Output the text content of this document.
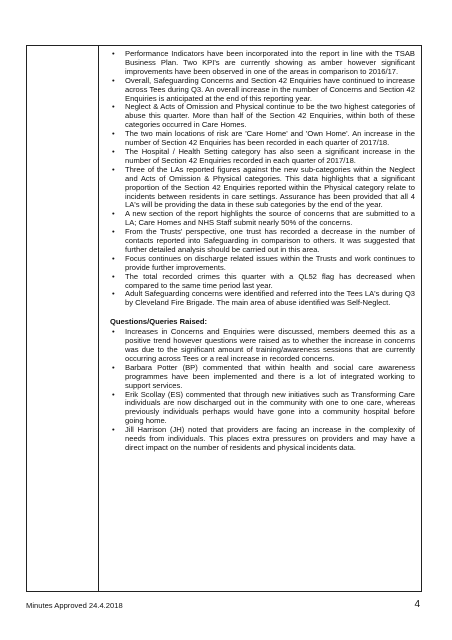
• Performance Indicators have been incorporated into the report in line with the TSAB Business Plan. Two KPI's are currently showing as amber however significant improvements have been observed in one of the areas in comparison to 2016/17.
• Overall, Safeguarding Concerns and Section 42 Enquiries have continued to increase across Tees during Q3. An overall increase in the number of Concerns and Section 42 Enquiries is anticipated at the end of this reporting year.
• Neglect & Acts of Omission and Physical continue to be the two highest categories of abuse this quarter. More than half of the Section 42 Enquiries, within both of these categories occurred in Care Homes.
• The two main locations of risk are 'Care Home' and 'Own Home'. An increase in the number of Section 42 Enquiries has been recorded in each quarter of 2017/18.
• The Hospital / Health Setting category has also seen a significant increase in the number of Section 42 Enquiries recorded in each quarter of 2017/18.
• Three of the LAs reported figures against the new sub-categories within the Neglect and Acts of Omission & Physical categories. This data highlights that a significant proportion of the Section 42 Enquiries reported within the Physical category relate to incidents between residents in care settings. Assurance has been provided that all 4 LA's will be providing the data in these sub categories by the end of the year.
• A new section of the report highlights the source of concerns that are submitted to a LA; Care Homes and NHS Staff submit nearly 50% of the concerns.
• From the Trusts' perspective, one trust has recorded a decrease in the number of contacts reported into Safeguarding in comparison to others. It was suggested that further detailed analysis should be carried out in this area.
• Focus continues on discharge related issues within the Trusts and work continues to provide further improvements.
• The total recorded crimes this quarter with a QL52 flag has decreased when compared to the same time period last year.
• Adult Safeguarding concerns were identified and referred into the Tees LA's during Q3 by Cleveland Fire Brigade. The main area of abuse identified was Self-Neglect.
Questions/Queries Raised:
• Increases in Concerns and Enquiries were discussed, members deemed this as a positive trend however questions were raised as to whether the increase in concerns was due to the significant amount of training/awareness sessions that are currently occurring across Tees or a real increase in recorded concerns.
• Barbara Potter (BP) commented that within health and social care awareness programmes have been implemented and there is a lot of integrated working to support services.
• Erik Scollay (ES) commented that through new initiatives such as Transforming Care individuals are now discharged out in the community with one to one care, whereas previously individuals perhaps would have gone into a community hospital before going home.
• Jill Harrison (JH) noted that providers are facing an increase in the complexity of needs from individuals. This places extra pressures on providers and may have a direct impact on the number of residents and physical incidents data.
Minutes Approved 24.4.2018	4
